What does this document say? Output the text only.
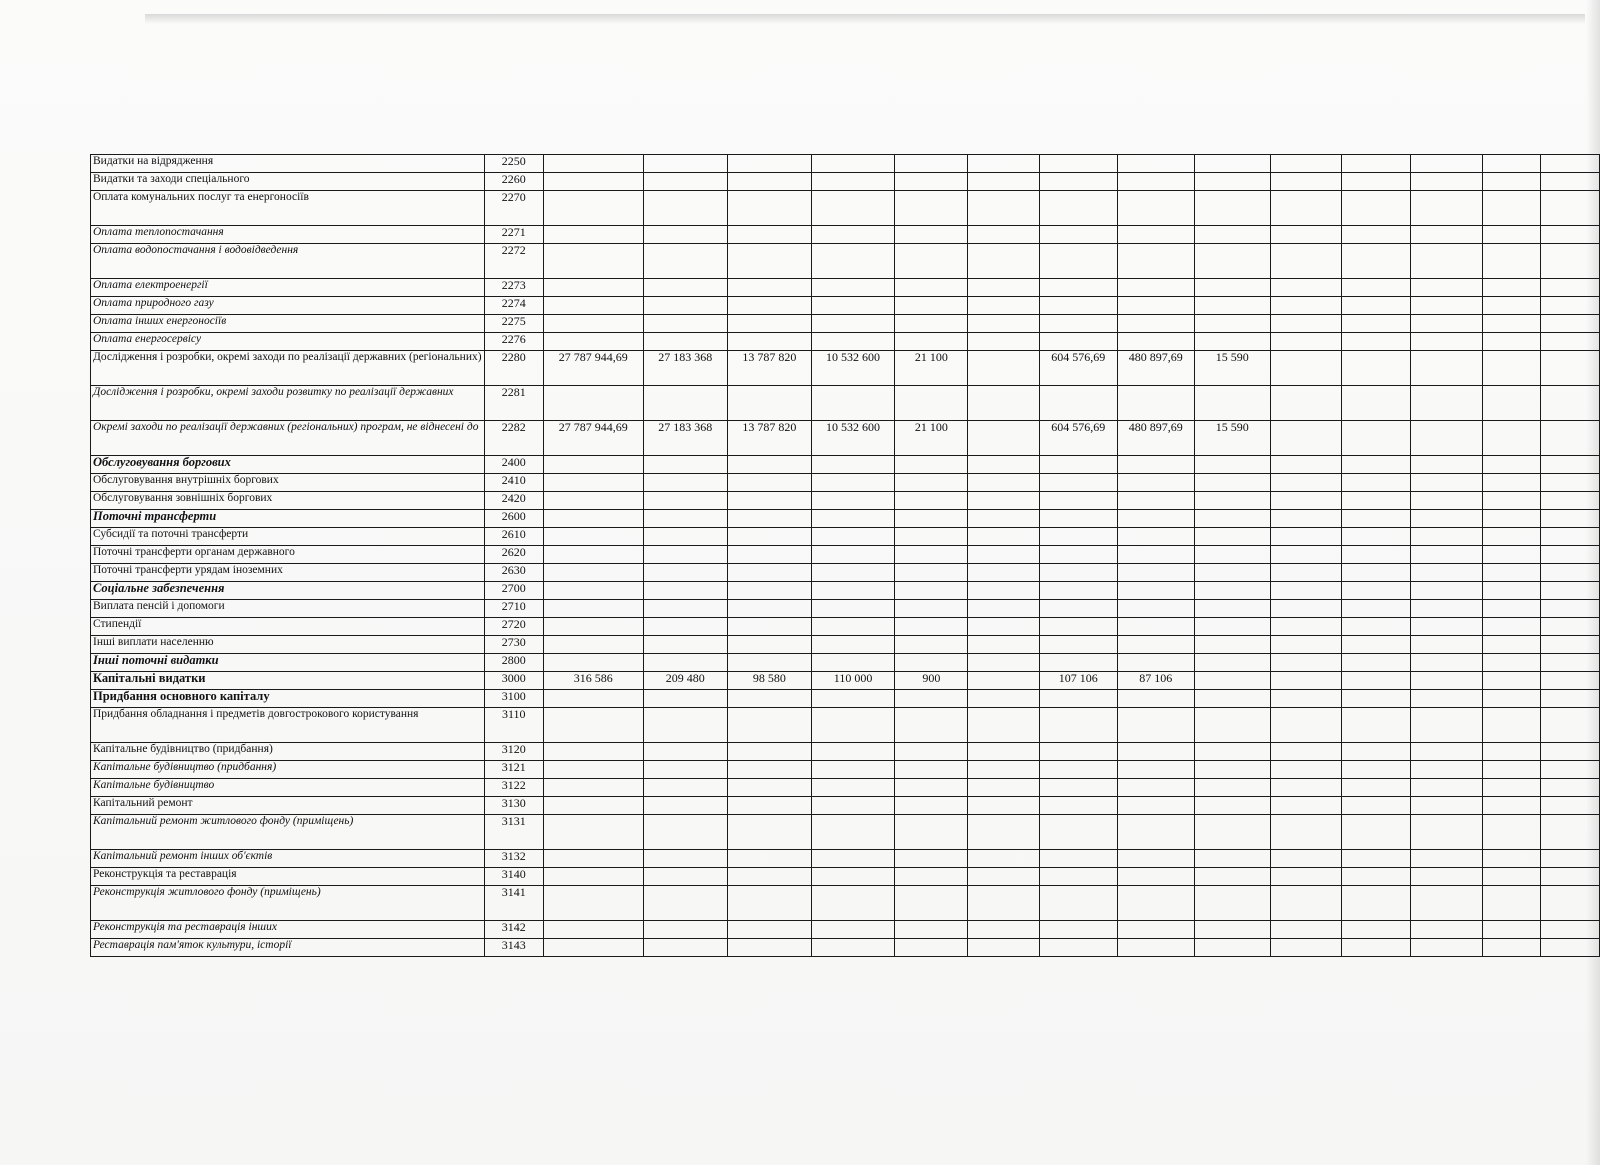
Видатки на відрядження	2250														
Видатки та заходи спеціального	2260														
Оплата комунальних послуг та енергоносіїв	2270														
Оплата теплопостачання	2271														
Оплата водопостачання і водовідведення	2272														
Оплата електроенергії	2273														
Оплата природного газу	2274														
Оплата інших енергоносіїв	2275														
Оплата енергосервісу	2276														
Дослідження і розробки, окремі заходи по реалізації державних (регіональних)	2280	27 787 944,69	27 183 368	13 787 820	10 532 600	21 100		604 576,69	480 897,69	15 590					
Дослідження і розробки, окремі заходи розвитку по реалізації державних	2281														
Окремі заходи по реалізації державних (регіональних) програм, не віднесені до	2282	27 787 944,69	27 183 368	13 787 820	10 532 600	21 100		604 576,69	480 897,69	15 590					
Обслуговування боргових	2400														
Обслуговування внутрішніх боргових	2410														
Обслуговування зовнішніх боргових	2420														
Поточні трансферти	2600														
Субсидії та поточні трансферти	2610														
Поточні трансферти органам державного	2620														
Поточні трансферти урядам іноземних	2630														
Соціальне забезпечення	2700														
Виплата пенсій і допомоги	2710														
Стипендії	2720														
Інші виплати населенню	2730														
Інші поточні видатки	2800														
Капітальні видатки	3000	316 586	209 480	98 580	110 000	900		107 106	87 106						
Придбання основного капіталу	3100														
Придбання обладнання і предметів довгострокового користування	3110														
Капітальне будівництво (придбання)	3120														
Капітальне будівництво (придбання)	3121														
Капітальне будівництво	3122														
Капітальний ремонт	3130														
Капітальний ремонт житлового фонду (приміщень)	3131														
Капітальний ремонт інших об'єктів	3132														
Реконструкція та реставрація	3140														
Реконструкція житлового фонду (приміщень)	3141														
Реконструкція та реставрація інших	3142														
Реставрація пам'яток культури, історії	3143														
